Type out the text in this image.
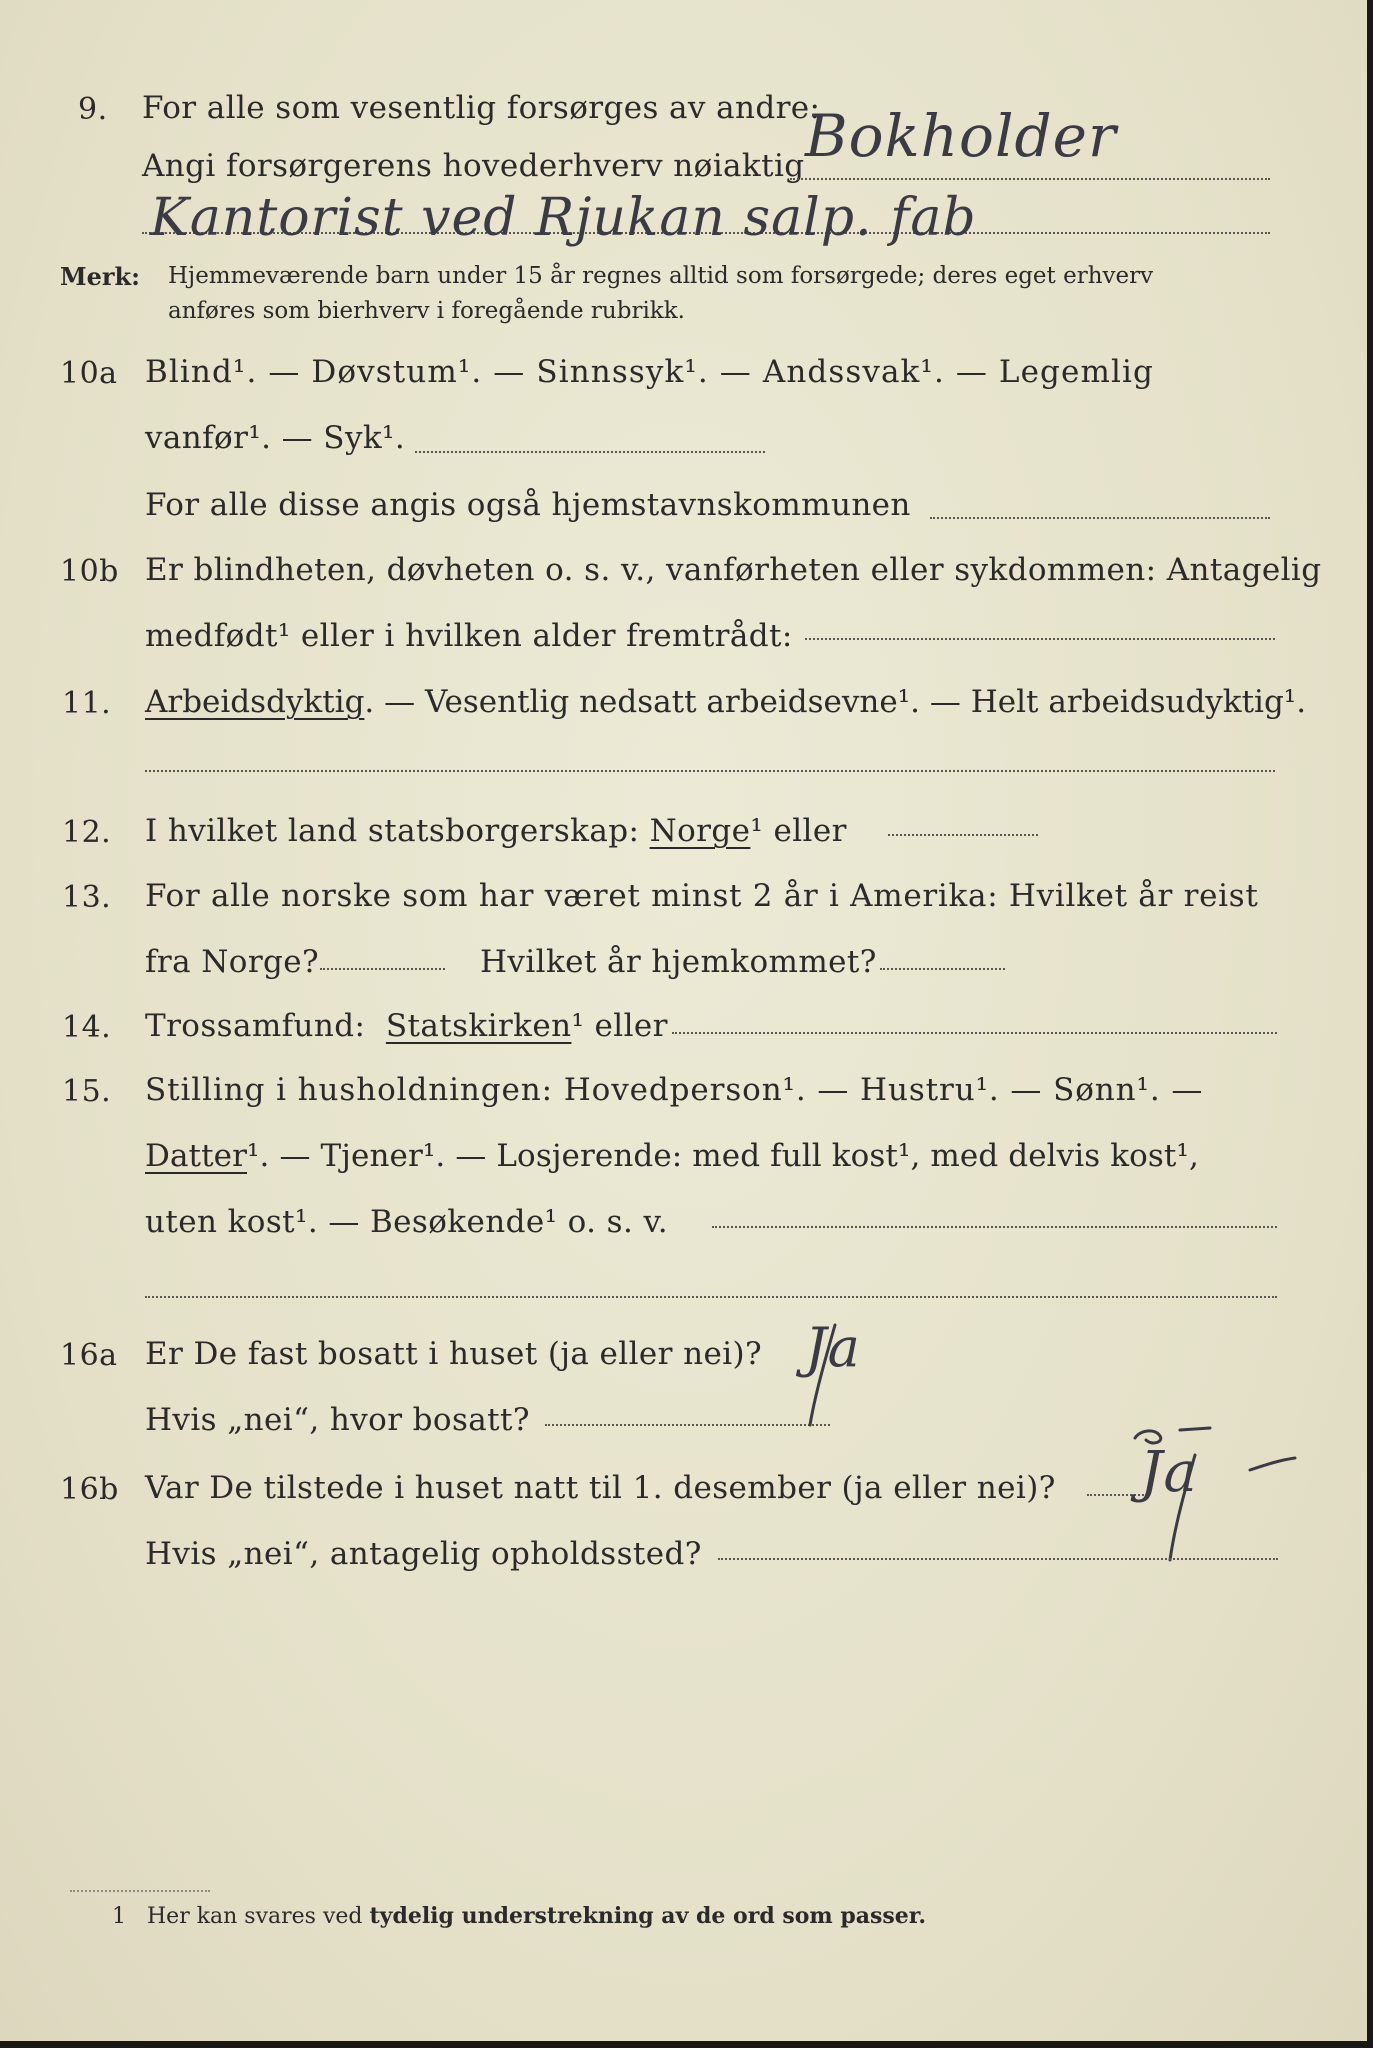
9. For alle som vesentlig forsørges av andre:
Angi forsørgerens hovederhverv nøiaktig Bokholder
Kantorist ved Rjukan salp. fab
Merk: Hjemmeværende barn under 15 år regnes alltid som forsørgede; deres eget erhverv
anføres som bierhverv i foregående rubrikk.
10a Blind¹. — Døvstum¹. — Sinnssyk¹. — Andssvak¹. — Legemlig
vanfør¹. — Syk¹.
For alle disse angis også hjemstavnskommunen
10b Er blindheten, døvheten o. s. v., vanførheten eller sykdommen: Antagelig
medfødt¹ eller i hvilken alder fremtrådt:
11. Arbeidsdyktig. — Vesentlig nedsatt arbeidsevne¹. — Helt arbeidsudyktig¹.
12. I hvilket land statsborgerskap: Norge¹ eller
13. For alle norske som har været minst 2 år i Amerika: Hvilket år reist
fra Norge?	Hvilket år hjemkommet?
14. Trossamfund: Statskirken¹ eller
15. Stilling i husholdningen: Hovedperson¹. — Hustru¹. — Sønn¹. —
Datter¹. — Tjener¹. — Losjerende: med full kost¹, med delvis kost¹,
uten kost¹. — Besøkende¹ o. s. v.
16a Er De fast bosatt i huset (ja eller nei)?
Hvis „nei“, hvor bosatt?
Ja
16b Var De tilstede i huset natt til 1. desember (ja eller nei)? Ja
Hvis „nei“, antagelig opholdssted?
1 Her kan svares ved tydelig understrekning av de ord som passer.
